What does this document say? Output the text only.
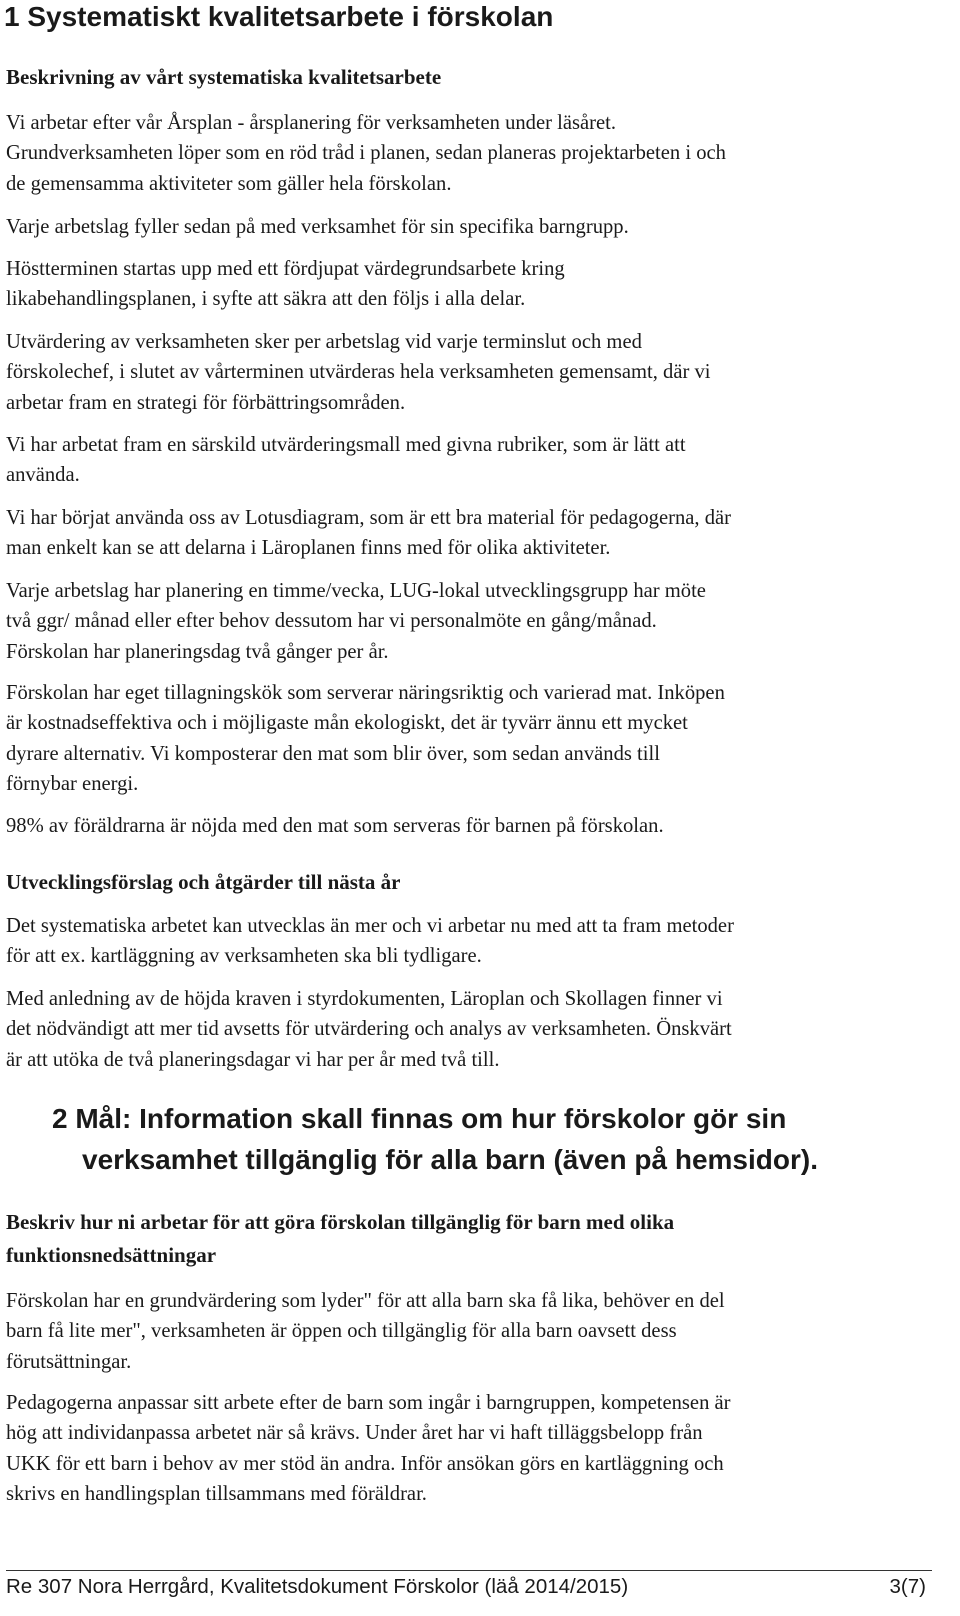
1 Systematiskt kvalitetsarbete i förskolan
Beskrivning av vårt systematiska kvalitetsarbete
Vi arbetar efter vår Årsplan - årsplanering för verksamheten under läsåret.
Grundverksamheten löper som en röd tråd i planen, sedan planeras projektarbeten i och
de gemensamma aktiviteter som gäller hela förskolan.
Varje arbetslag fyller sedan på med verksamhet för sin specifika barngrupp.
Höstterminen startas upp med ett fördjupat värdegrundsarbete kring
likabehandlingsplanen, i syfte att säkra att den följs i alla delar.
Utvärdering av verksamheten sker per arbetslag vid varje terminslut och med
förskolechef, i slutet av vårterminen utvärderas hela verksamheten gemensamt, där vi
arbetar fram en strategi för förbättringsområden.
Vi har arbetat fram en särskild utvärderingsmall med givna rubriker, som är lätt att
använda.
Vi har börjat använda oss av Lotusdiagram, som är ett bra material för pedagogerna, där
man enkelt kan se att delarna i Läroplanen finns med för olika aktiviteter.
Varje arbetslag har planering en timme/vecka, LUG-lokal utvecklingsgrupp har möte
två ggr/ månad eller efter behov dessutom har vi personalmöte en gång/månad.
Förskolan har planeringsdag två gånger per år.
Förskolan har eget tillagningskök som serverar näringsriktig och varierad mat. Inköpen
är kostnadseffektiva och i möjligaste mån ekologiskt, det är tyvärr ännu ett mycket
dyrare alternativ. Vi komposterar den mat som blir över, som sedan används till
förnybar energi.
98% av föräldrarna är nöjda med den mat som serveras för barnen på förskolan.
Utvecklingsförslag och åtgärder till nästa år
Det systematiska arbetet kan utvecklas än mer och vi arbetar nu med att ta fram metoder
för att ex. kartläggning av verksamheten ska bli tydligare.
Med anledning av de höjda kraven i styrdokumenten, Läroplan och Skollagen finner vi
det nödvändigt att mer tid avsetts för utvärdering och analys av verksamheten. Önskvärt
är att utöka de två planeringsdagar vi har per år med två till.
2 Mål: Information skall finnas om hur förskolor gör sin
verksamhet tillgänglig för alla barn (även på hemsidor).
Beskriv hur ni arbetar för att göra förskolan tillgänglig för barn med olika
funktionsnedsättningar
Förskolan har en grundvärdering som lyder" för att alla barn ska få lika, behöver en del
barn få lite mer", verksamheten är öppen och tillgänglig för alla barn oavsett dess
förutsättningar.
Pedagogerna anpassar sitt arbete efter de barn som ingår i barngruppen, kompetensen är
hög att individanpassa arbetet när så krävs. Under året har vi haft tilläggsbelopp från
UKK för ett barn i behov av mer stöd än andra. Inför ansökan görs en kartläggning och
skrivs en handlingsplan tillsammans med föräldrar.
Re 307 Nora Herrgård, Kvalitetsdokument Förskolor (läå 2014/2015)	3(7)
